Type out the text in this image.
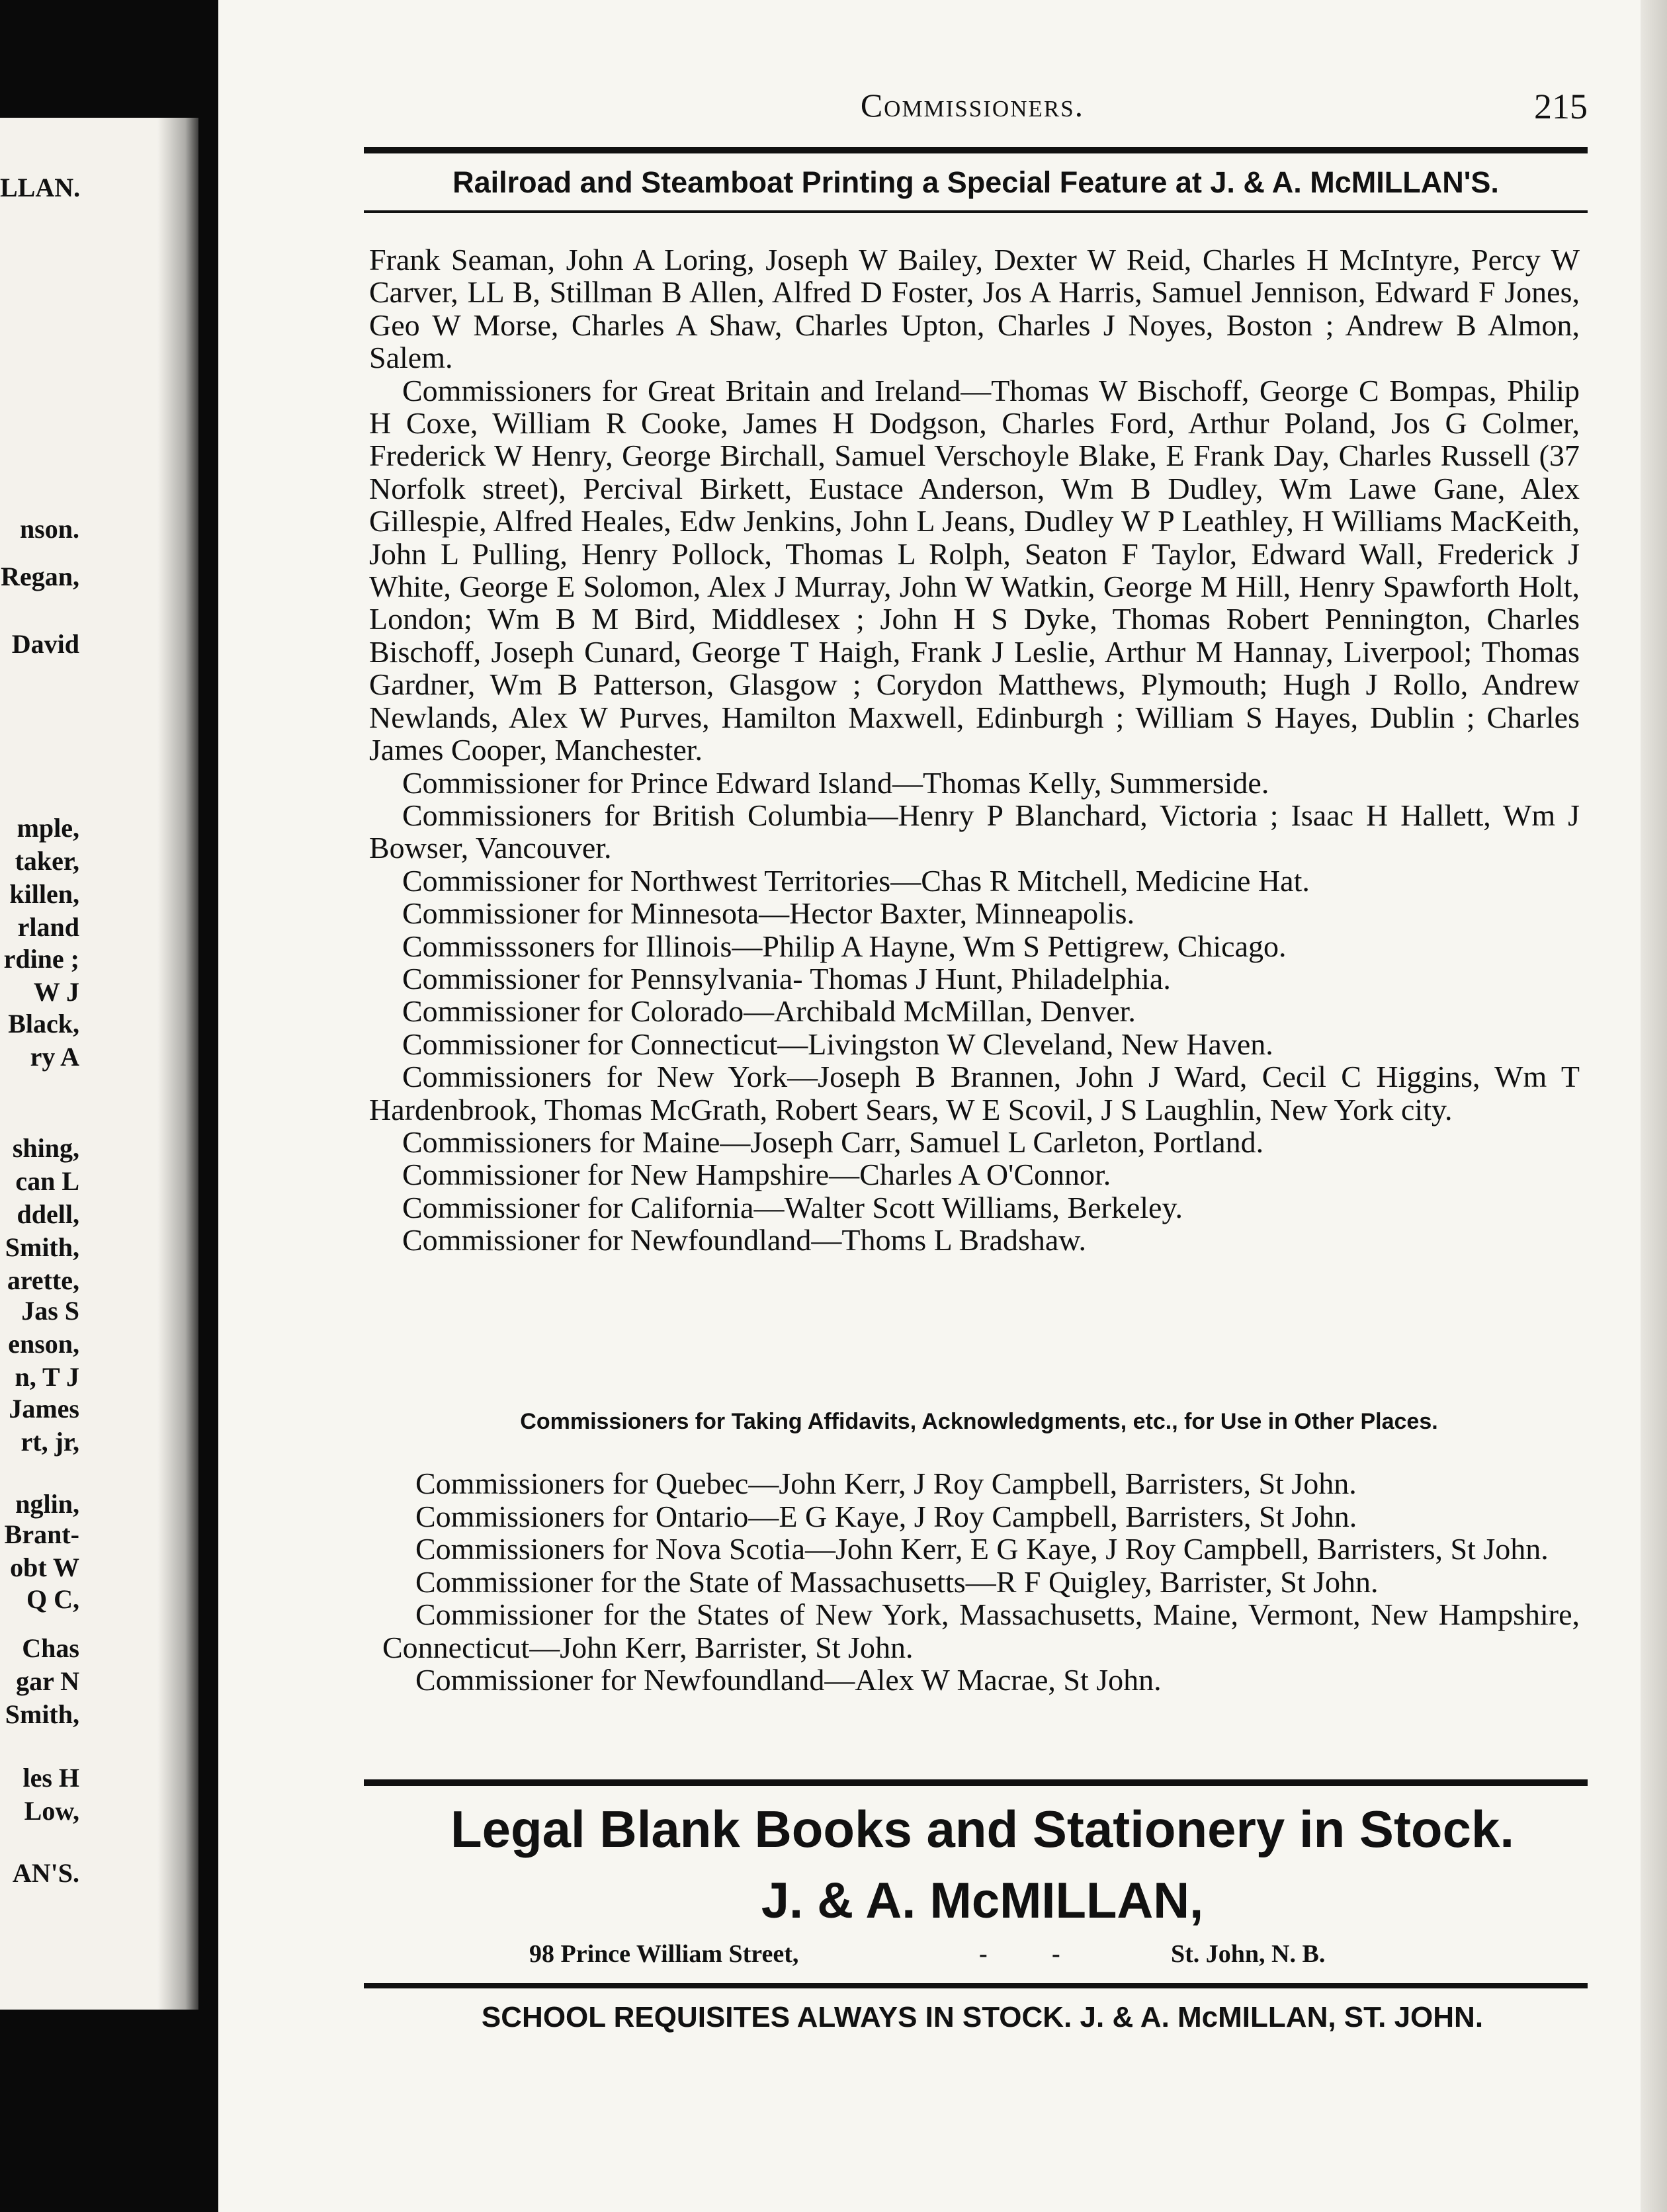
LLAN.
nson.
Regan,
David
mple,
taker,
killen,
rland
rdine ;
W J
Black,
ry A
shing,
can L
ddell,
Smith,
arette,
Jas S
enson,
n, T J
James
rt, jr,
nglin,
Brant-
obt W
Q C,
Chas
gar N
Smith,
les H
Low,
AN'S.
Commissioners.	215
Railroad and Steamboat Printing a Special Feature at J. & A. McMILLAN'S.

Frank Seaman, John A Loring, Joseph W Bailey, Dexter W Reid, Charles H McIntyre, Percy W Carver, LL B, Stillman B Allen, Alfred D Foster, Jos A Harris, Samuel Jennison, Edward F Jones, Geo W Morse, Charles A Shaw, Charles Upton, Charles J Noyes, Boston ; Andrew B Almon, Salem.

Commissioners for Great Britain and Ireland—Thomas W Bischoff, George C Bompas, Philip H Coxe, William R Cooke, James H Dodgson, Charles Ford, Arthur Poland, Jos G Colmer, Frederick W Henry, George Birchall, Samuel Verschoyle Blake, E Frank Day, Charles Russell (37 Norfolk street), Percival Birkett, Eustace Anderson, Wm B Dudley, Wm Lawe Gane, Alex Gillespie, Alfred Heales, Edw Jenkins, John L Jeans, Dudley W P Leathley, H Williams MacKeith, John L Pulling, Henry Pollock, Thomas L Rolph, Seaton F Taylor, Edward Wall, Frederick J White, George E Solomon, Alex J Murray, John W Watkin, George M Hill, Henry Spawforth Holt, London; Wm B M Bird, Middlesex ; John H S Dyke, Thomas Robert Pennington, Charles Bischoff, Joseph Cunard, George T Haigh, Frank J Leslie, Arthur M Hannay, Liverpool; Thomas Gardner, Wm B Patterson, Glasgow ; Corydon Matthews, Plymouth; Hugh J Rollo, Andrew Newlands, Alex W Purves, Hamilton Maxwell, Edinburgh ; William S Hayes, Dublin ; Charles James Cooper, Manchester.

Commissioner for Prince Edward Island—Thomas Kelly, Summerside.

Commissioners for British Columbia—Henry P Blanchard, Victoria ; Isaac H Hallett, Wm J Bowser, Vancouver.

Commissioner for Northwest Territories—Chas R Mitchell, Medicine Hat.

Commissioner for Minnesota—Hector Baxter, Minneapolis.

Commisssoners for Illinois—Philip A Hayne, Wm S Pettigrew, Chicago.

Commissioner for Pennsylvania- Thomas J Hunt, Philadelphia.

Commissioner for Colorado—Archibald McMillan, Denver.

Commissioner for Connecticut—Livingston W Cleveland, New Haven.

Commissioners for New York—Joseph B Brannen, John J Ward, Cecil C Higgins, Wm T Hardenbrook, Thomas McGrath, Robert Sears, W E Scovil, J S Laughlin, New York city.

Commissioners for Maine—Joseph Carr, Samuel L Carleton, Portland.

Commissioner for New Hampshire—Charles A O'Connor.

Commissioner for California—Walter Scott Williams, Berkeley.

Commissioner for Newfoundland—Thoms L Bradshaw.

Commissioners for Taking Affidavits, Acknowledgments, etc., for Use in Other Places.

Commissioners for Quebec—John Kerr, J Roy Campbell, Barristers, St John.

Commissioners for Ontario—E G Kaye, J Roy Campbell, Barristers, St John.

Commissioners for Nova Scotia—John Kerr, E G Kaye, J Roy Campbell, Barristers, St John.

Commissioner for the State of Massachusetts—R F Quigley, Barrister, St John.

Commissioner for the States of New York, Massachusetts, Maine, Vermont, New Hampshire, Connecticut—John Kerr, Barrister, St John.

Commissioner for Newfoundland—Alex W Macrae, St John.

Legal Blank Books and Stationery in Stock.
J. & A. McMILLAN,
98 Prince William Street,	-	-	St. John, N. B.
SCHOOL REQUISITES ALWAYS IN STOCK. J. & A. McMILLAN, ST. JOHN.
